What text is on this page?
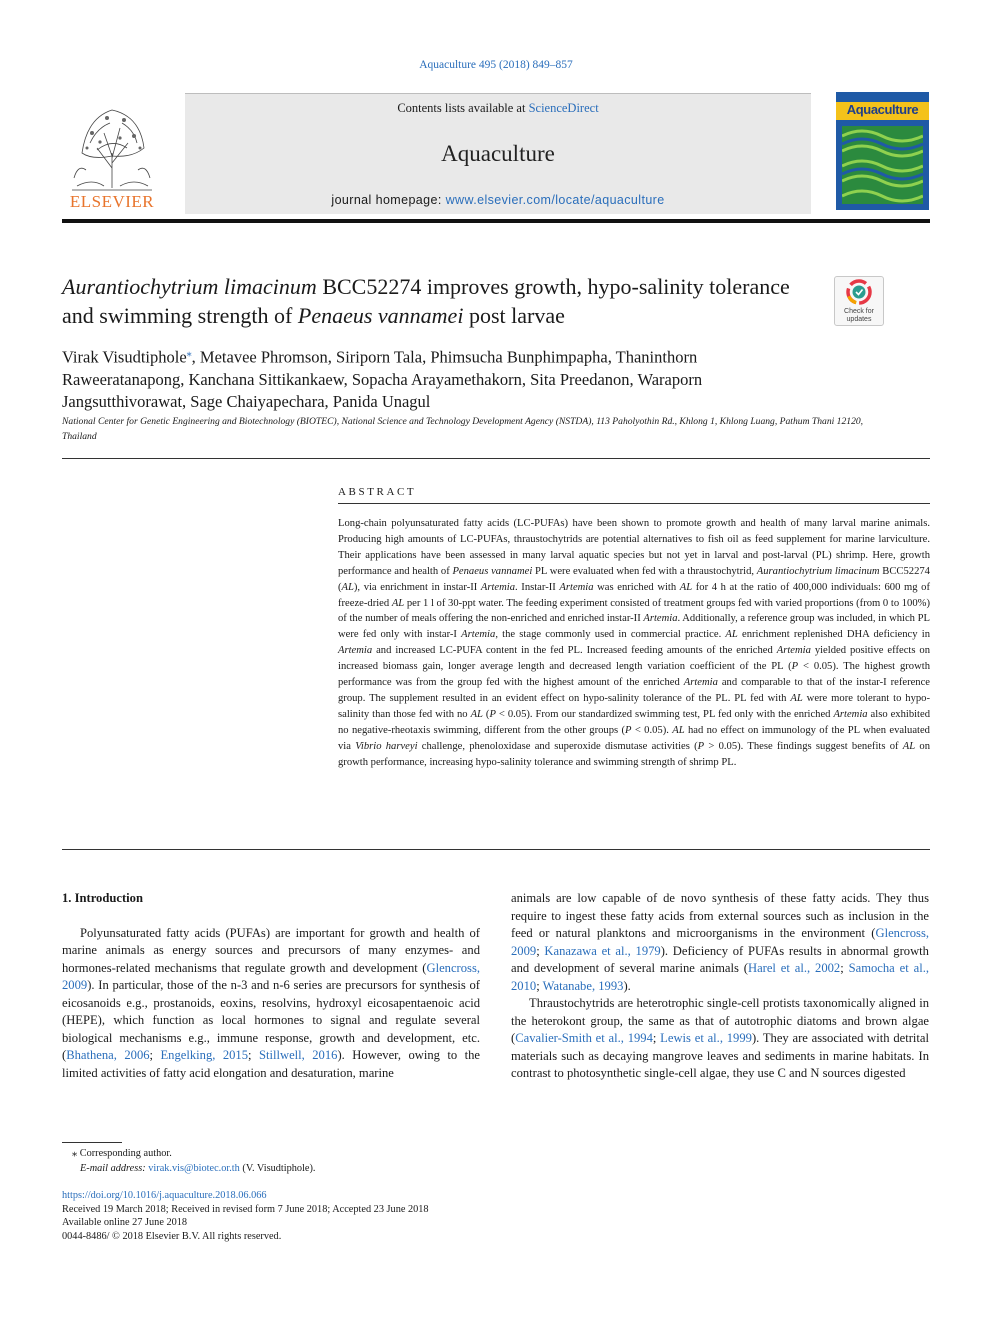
Aquaculture 495 (2018) 849–857
ELSEVIER
Contents lists available at ScienceDirect
Aquaculture
journal homepage: www.elsevier.com/locate/aquaculture
Aquaculture
Aurantiochytrium limacinum BCC52274 improves growth, hypo-salinity tolerance and swimming strength of Penaeus vannamei post larvae	Check for updates
Virak Visudtiphole⁎, Metavee Phromson, Siriporn Tala, Phimsucha Bunphimpapha, Thaninthorn Raweeratanapong, Kanchana Sittikankaew, Sopacha Arayamethakorn, Sita Preedanon, Waraporn Jangsutthivorawat, Sage Chaiyapechara, Panida Unagul
National Center for Genetic Engineering and Biotechnology (BIOTEC), National Science and Technology Development Agency (NSTDA), 113 Paholyothin Rd., Khlong 1, Khlong Luang, Pathum Thani 12120, Thailand
ABSTRACT
Long-chain polyunsaturated fatty acids (LC-PUFAs) have been shown to promote growth and health of many larval marine animals. Producing high amounts of LC-PUFAs, thraustochytrids are potential alternatives to fish oil as feed supplement for marine larviculture. Their applications have been assessed in many larval aquatic species but not yet in larval and post-larval (PL) shrimp. Here, growth performance and health of Penaeus vannamei PL were evaluated when fed with a thraustochytrid, Aurantiochytrium limacinum BCC52274 (AL), via enrichment in instar-II Artemia. Instar-II Artemia was enriched with AL for 4 h at the ratio of 400,000 individuals: 600 mg of freeze-dried AL per 1 l of 30-ppt water. The feeding experiment consisted of treatment groups fed with varied proportions (from 0 to 100%) of the number of meals offering the non-enriched and enriched instar-II Artemia. Additionally, a reference group was included, in which PL were fed only with instar-I Artemia, the stage commonly used in commercial practice. AL enrichment replenished DHA deficiency in Artemia and increased LC-PUFA content in the fed PL. Increased feeding amounts of the enriched Artemia yielded positive effects on increased biomass gain, longer average length and decreased length variation coefficient of the PL (P < 0.05). The highest growth performance was from the group fed with the highest amount of the enriched Artemia and comparable to that of the instar-I reference group. The supplement resulted in an evident effect on hypo-salinity tolerance of the PL. PL fed with AL were more tolerant to hypo-salinity than those fed with no AL (P < 0.05). From our standardized swimming test, PL fed only with the enriched Artemia also exhibited no negative-rheotaxis swimming, different from the other groups (P < 0.05). AL had no effect on immunology of the PL when evaluated via Vibrio harveyi challenge, phenoloxidase and superoxide dismutase activities (P > 0.05). These findings suggest benefits of AL on growth performance, increasing hypo-salinity tolerance and swimming strength of shrimp PL.

1. Introduction

Polyunsaturated fatty acids (PUFAs) are important for growth and health of marine animals as energy sources and precursors of many enzymes- and hormones-related mechanisms that regulate growth and development (Glencross, 2009). In particular, those of the n-3 and n-6 series are precursors for synthesis of eicosanoids e.g., prostanoids, eoxins, resolvins, hydroxyl eicosapentaenoic acid (HEPE), which function as local hormones to signal and regulate several biological mechanisms e.g., immune response, growth and development, etc. (Bhathena, 2006; Engelking, 2015; Stillwell, 2016). However, owing to the limited activities of fatty acid elongation and desaturation, marine

animals are low capable of de novo synthesis of these fatty acids. They thus require to ingest these fatty acids from external sources such as inclusion in the feed or natural planktons and microorganisms in the environment (Glencross, 2009; Kanazawa et al., 1979). Deficiency of PUFAs results in abnormal growth and development of several marine animals (Harel et al., 2002; Samocha et al., 2010; Watanabe, 1993).

Thraustochytrids are heterotrophic single-cell protists taxonomically aligned in the heterokont group, the same as that of autotrophic diatoms and brown algae (Cavalier-Smith et al., 1994; Lewis et al., 1999). They are associated with detrital materials such as decaying mangrove leaves and sediments in marine habitats. In contrast to photosynthetic single-cell algae, they use C and N sources digested

⁎ Corresponding author.
E-mail address: virak.vis@biotec.or.th (V. Visudtiphole).
https://doi.org/10.1016/j.aquaculture.2018.06.066
Received 19 March 2018; Received in revised form 7 June 2018; Accepted 23 June 2018
Available online 27 June 2018
0044-8486/ © 2018 Elsevier B.V. All rights reserved.
